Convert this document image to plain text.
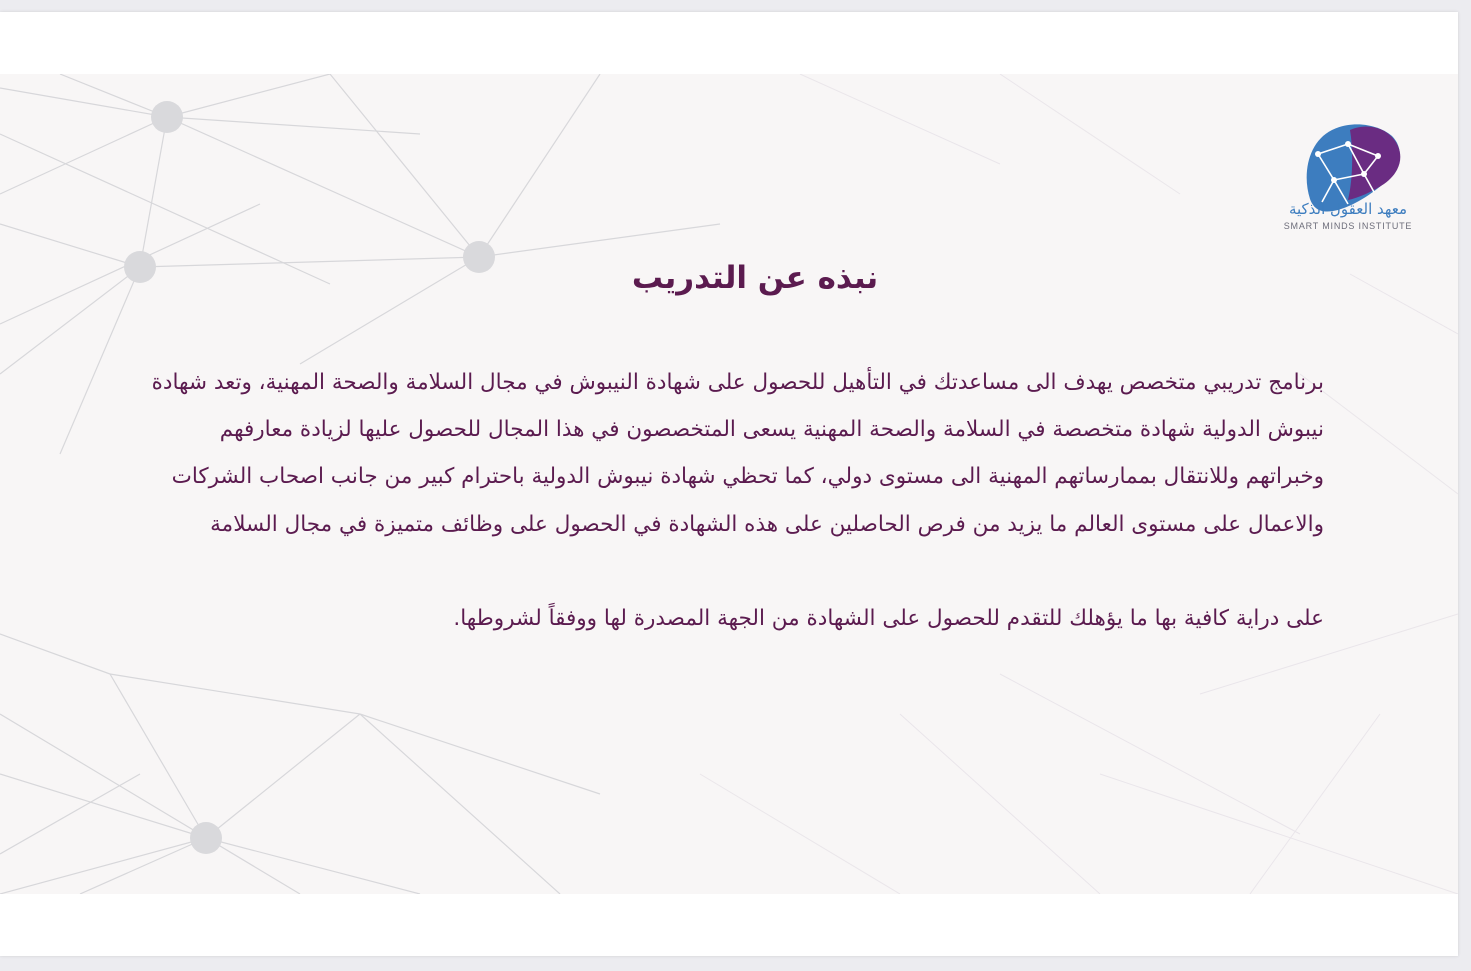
معهد العقول الذكية
SMART MINDS INSTITUTE
نبذه عن التدريب

برنامج تدريبي متخصص يهدف الى مساعدتك في التأهيل للحصول على شهادة النيبوش في مجال السلامة والصحة المهنية، وتعد شهادة نيبوش الدولية شهادة متخصصة في السلامة والصحة المهنية يسعى المتخصصون في هذا المجال للحصول عليها لزيادة معارفهم وخبراتهم وللانتقال بممارساتهم المهنية الى مستوى دولي، كما تحظي شهادة نيبوش الدولية باحترام كبير من جانب اصحاب الشركات والاعمال على مستوى العالم ما يزيد من فرص الحاصلين على هذه الشهادة في الحصول على وظائف متميزة في مجال السلامة

على دراية كافية بها ما يؤهلك للتقدم للحصول على الشهادة من الجهة المصدرة لها ووفقاً لشروطها.
